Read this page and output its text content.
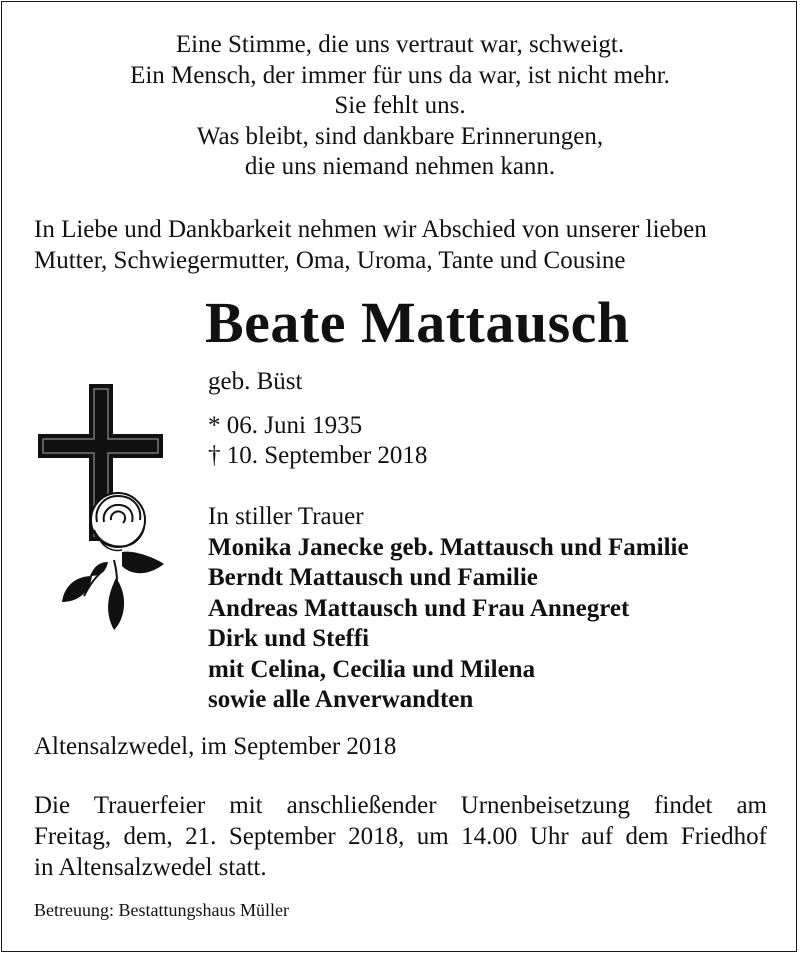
Eine Stimme, die uns vertraut war, schweigt.
Ein Mensch, der immer für uns da war, ist nicht mehr.
Sie fehlt uns.
Was bleibt, sind dankbare Erinnerungen,
die uns niemand nehmen kann.
In Liebe und Dankbarkeit nehmen wir Abschied von unserer lieben
Mutter, Schwiegermutter, Oma, Uroma, Tante und Cousine
Beate Mattausch
geb. Büst
* 06. Juni 1935
† 10. September 2018
In stiller Trauer
Monika Janecke geb. Mattausch und Familie
Berndt Mattausch und Familie
Andreas Mattausch und Frau Annegret
Dirk und Steffi
mit Celina, Cecilia und Milena
sowie alle Anverwandten
Altensalzwedel, im September 2018
Die Trauerfeier mit anschließender Urnenbeisetzung findet am
Freitag, dem, 21. September 2018, um 14.00 Uhr auf dem Friedhof
in Altensalzwedel statt.
Betreuung: Bestattungshaus Müller
